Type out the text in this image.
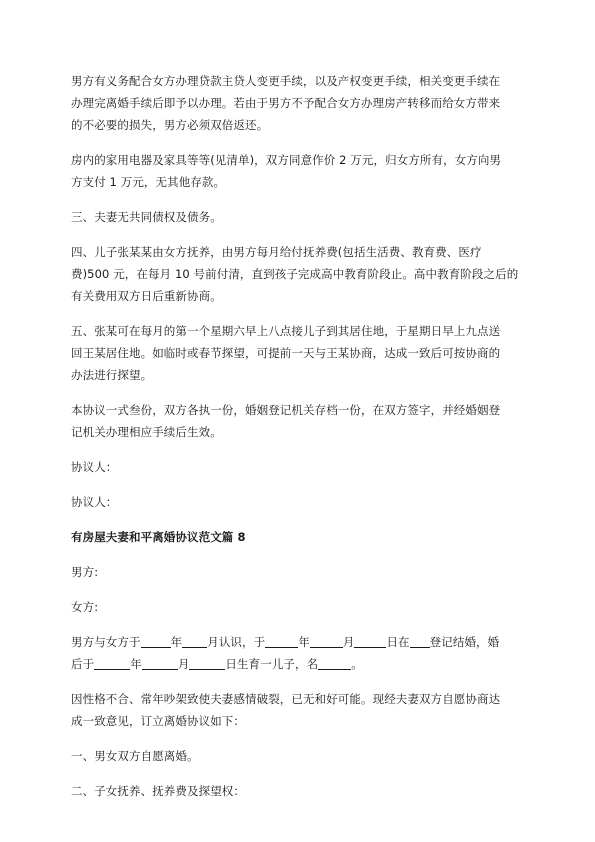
男方有义务配合女方办理贷款主贷人变更手续，以及产权变更手续，相关变更手续在
办理完离婚手续后即予以办理。若由于男方不予配合女方办理房产转移而给女方带来
的不必要的损失，男方必须双倍返还。

房内的家用电器及家具等等(见清单)，双方同意作价 2 万元，归女方所有，女方向男
方支付 1 万元，无其他存款。

三、夫妻无共同债权及债务。

四、儿子张某某由女方抚养，由男方每月给付抚养费(包括生活费、教育费、医疗
费)500 元，在每月 10 号前付清，直到孩子完成高中教育阶段止。高中教育阶段之后的
有关费用双方日后重新协商。

五、张某可在每月的第一个星期六早上八点接儿子到其居住地，于星期日早上九点送
回王某居住地。如临时或春节探望，可提前一天与王某协商，达成一致后可按协商的
办法进行探望。

本协议一式叁份，双方各执一份，婚姻登记机关存档一份，在双方签字，并经婚姻登
记机关办理相应手续后生效。

协议人：

协议人：

有房屋夫妻和平离婚协议范文篇 8

男方:

女方:

男方与女方于	年 月认识，于	年	月	日在 登记结婚，婚
后于	年	月	日生育一儿子，名	。

因性格不合、常年吵架致使夫妻感情破裂，已无和好可能。现经夫妻双方自愿协商达
成一致意见，订立离婚协议如下：

一、男女双方自愿离婚。

二、子女抚养、抚养费及探望权：
